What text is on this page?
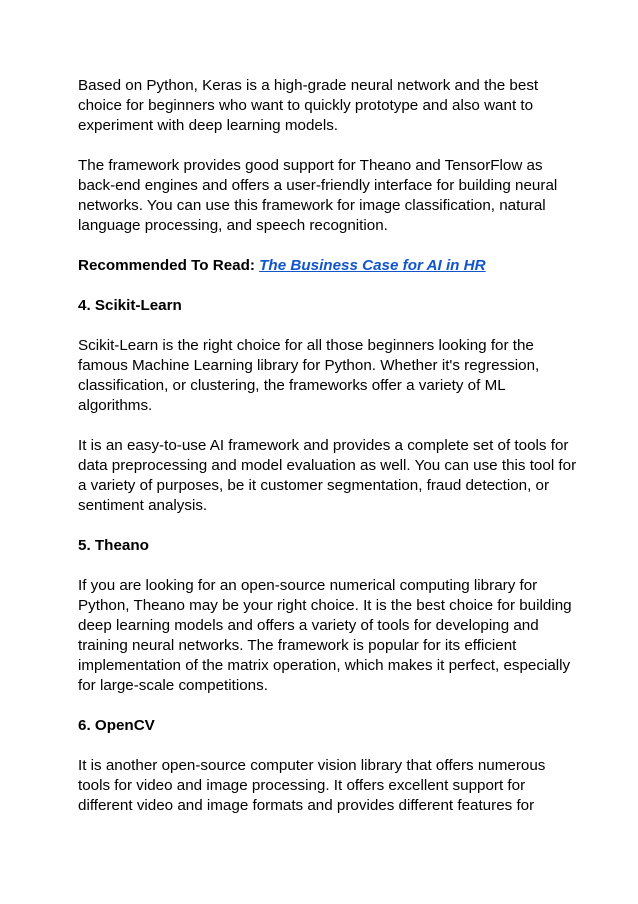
Based on Python, Keras is a high-grade neural network and the best choice for beginners who want to quickly prototype and also want to experiment with deep learning models.

The framework provides good support for Theano and TensorFlow as back-end engines and offers a user-friendly interface for building neural networks. You can use this framework for image classification, natural language processing, and speech recognition.

Recommended To Read: The Business Case for AI in HR

4. Scikit-Learn

Scikit-Learn is the right choice for all those beginners looking for the famous Machine Learning library for Python. Whether it's regression, classification, or clustering, the frameworks offer a variety of ML algorithms.

It is an easy-to-use AI framework and provides a complete set of tools for data preprocessing and model evaluation as well. You can use this tool for a variety of purposes, be it customer segmentation, fraud detection, or sentiment analysis.

5. Theano

If you are looking for an open-source numerical computing library for Python, Theano may be your right choice. It is the best choice for building deep learning models and offers a variety of tools for developing and training neural networks. The framework is popular for its efficient implementation of the matrix operation, which makes it perfect, especially for large-scale competitions.

6. OpenCV

It is another open-source computer vision library that offers numerous tools for video and image processing. It offers excellent support for different video and image formats and provides different features for
